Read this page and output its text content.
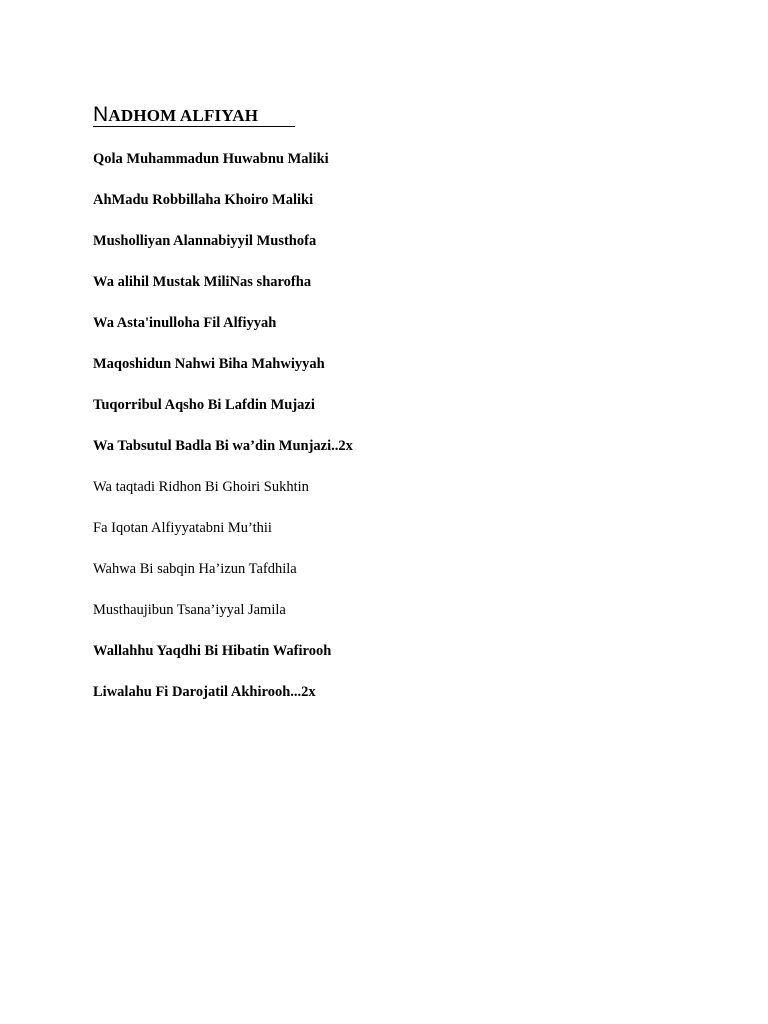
NADHOM ALFIYAH
Qola Muhammadun Huwabnu Maliki
AhMadu Robbillaha Khoiro Maliki
Musholliyan Alannabiyyil Musthofa
Wa alihil Mustak MiliNas sharofha
Wa Asta'inulloha Fil Alfiyyah
Maqoshidun Nahwi Biha Mahwiyyah
Tuqorribul Aqsho Bi Lafdin Mujazi
Wa Tabsutul Badla Bi wa’din Munjazi..2x
Wa taqtadi Ridhon Bi Ghoiri Sukhtin
Fa Iqotan Alfiyyatabni Mu’thii
Wahwa Bi sabqin Ha’izun Tafdhila
Musthaujibun Tsana’iyyal Jamila
Wallahhu Yaqdhi Bi Hibatin Wafirooh
Liwalahu Fi Darojatil Akhirooh...2x
